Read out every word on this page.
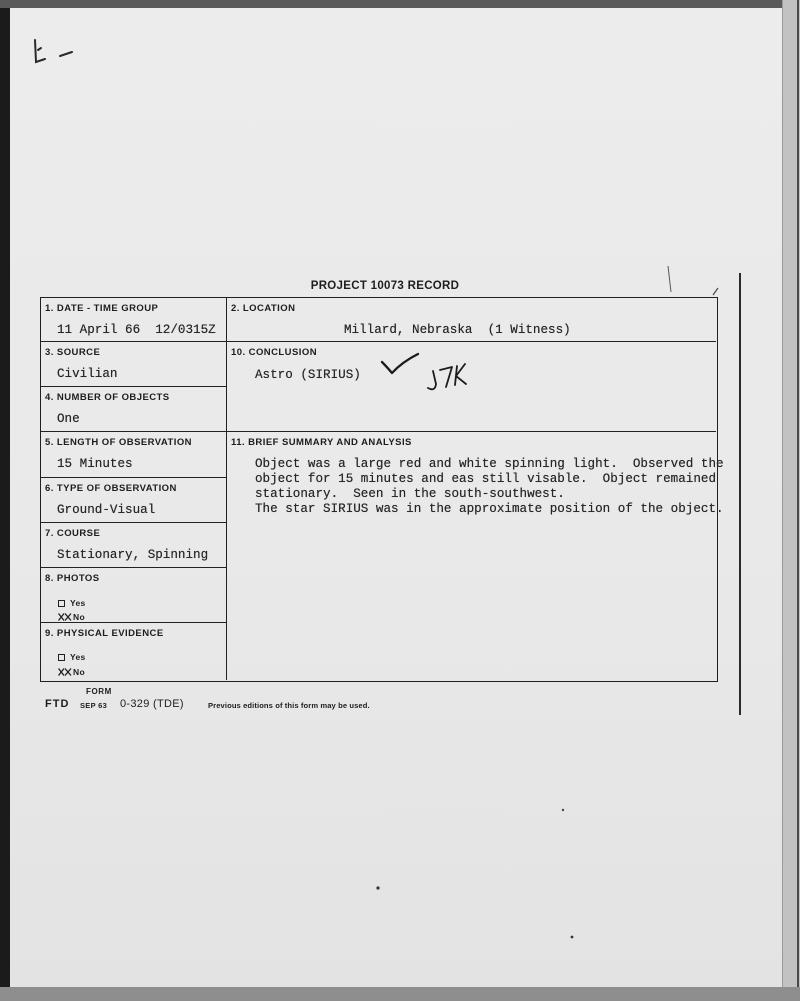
PROJECT 10073 RECORD
1. DATE - TIME GROUP
11 April 66  12/0315Z
3. SOURCE
Civilian
4. NUMBER OF OBJECTS
One
5. LENGTH OF OBSERVATION
15 Minutes
6. TYPE OF OBSERVATION
Ground-Visual
7. COURSE
Stationary, Spinning
8. PHOTOS
Yes
No
9. PHYSICAL EVIDENCE
Yes
No
2. LOCATION
Millard, Nebraska  (1 Witness)
10. CONCLUSION
Astro (SIRIUS)
11. BRIEF SUMMARY AND ANALYSIS
Object was a large red and white spinning light.  Observed the
object for 15 minutes and eas still visable.  Object remained
stationary.  Seen in the south-southwest.
The star SIRIUS was in the approximate position of the object.
FORM
FTD SEP 63 0-329 (TDE)	Previous editions of this form may be used.
